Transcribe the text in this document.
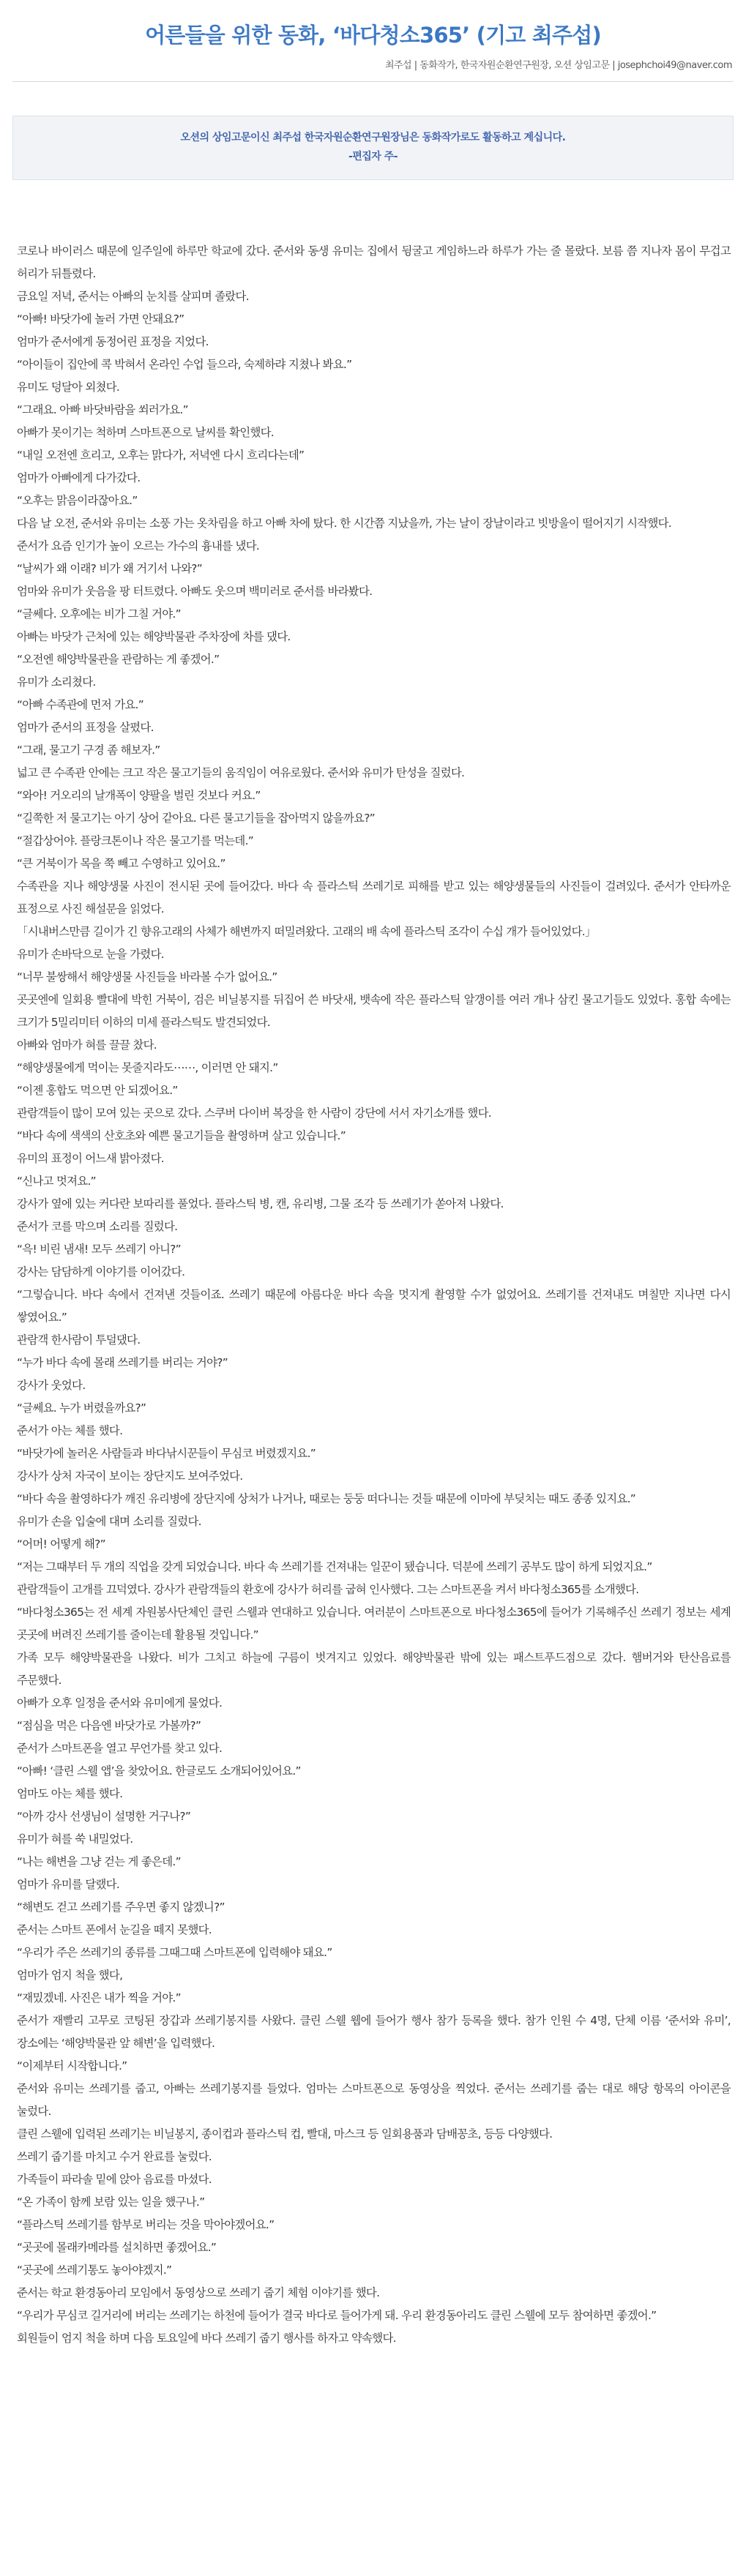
어른들을 위한 동화, ‘바다청소365’ (기고 최주섭)
최주섭 | 동화작가, 한국자원순환연구원장, 오션 상임고문 | josephchoi49@naver.com

오션의 상임고문이신 최주섭 한국자원순환연구원장님은 동화작가로도 활동하고 계십니다.

-편집자 주-

코로나 바이러스 때문에 일주일에 하루만 학교에 갔다. 준서와 동생 유미는 집에서 뒹굴고 게임하느라 하루가 가는 줄 몰랐다. 보름 쯤 지나자 몸이 무겁고 허리가 뒤틀렸다.

금요일 저녁, 준서는 아빠의 눈치를 살피며 졸랐다.

“아빠! 바닷가에 놀러 가면 안돼요?”

엄마가 준서에게 동정어린 표정을 지었다.

“아이들이 집안에 콕 박혀서 온라인 수업 들으라, 숙제하랴 지쳤나 봐요.”

유미도 덩달아 외쳤다.

“그래요. 아빠 바닷바람을 쐬러가요.”

아빠가 못이기는 척하며 스마트폰으로 날씨를 확인했다.

“내일 오전엔 흐리고, 오후는 맑다가, 저녁엔 다시 흐리다는데”

엄마가 아빠에게 다가갔다.

“오후는 맑음이라잖아요.”

다음 날 오전, 준서와 유미는 소풍 가는 옷차림을 하고 아빠 차에 탔다. 한 시간쯤 지났을까, 가는 날이 장날이라고 빗방울이 떨어지기 시작했다.

준서가 요즘 인기가 높이 오르는 가수의 흉내를 냈다.

“날씨가 왜 이래? 비가 왜 거기서 나와?”

엄마와 유미가 웃음을 팡 터트렸다. 아빠도 웃으며 백미러로 준서를 바라봤다.

“글쎄다. 오후에는 비가 그칠 거야.”

아빠는 바닷가 근처에 있는 해양박물관 주차장에 차를 댔다.

“오전엔 해양박물관을 관람하는 게 좋겠어.”

유미가 소리쳤다.

“아빠 수족관에 먼저 가요.”

엄마가 준서의 표정을 살폈다.

“그래, 물고기 구경 좀 해보자.”

넓고 큰 수족관 안에는 크고 작은 물고기들의 움직임이 여유로웠다. 준서와 유미가 탄성을 질렀다.

“와아! 거오리의 날개폭이 양팔을 벌린 것보다 커요.”

“길쭉한 저 물고기는 아기 상어 같아요. 다른 물고기들을 잡아먹지 않을까요?”

“절갑상어야. 플랑크톤이나 작은 물고기를 먹는데.”

“큰 거북이가 목을 쭉 빼고 수영하고 있어요.”

수족관을 지나 해양생물 사진이 전시된 곳에 들어갔다. 바다 속 플라스틱 쓰레기로 피해를 받고 있는 해양생물들의 사진들이 걸려있다. 준서가 안타까운 표정으로 사진 해설문을 읽었다.

「시내버스만큼 길이가 긴 향유고래의 사체가 해변까지 떠밀려왔다. 고래의 배 속에 플라스틱 조각이 수십 개가 들어있었다.」

유미가 손바닥으로 눈을 가렸다.

“너무 불쌍해서 해양생물 사진들을 바라볼 수가 없어요.”

곳곳엔에 일회용 빨대에 박힌 거북이, 검은 비닐봉지를 뒤집어 쓴 바닷새, 뱃속에 작은 플라스틱 알갱이를 여러 개나 삼킨 물고기들도 있었다. 홍합 속에는 크기가 5밀리미터 이하의 미세 플라스틱도 발견되었다.

아빠와 엄마가 혀를 끌끌 찼다.

“해양생물에게 먹이는 못줄지라도⋯⋯, 이러면 안 돼지.”

“이젠 홍합도 먹으면 안 되겠어요.”

관람객들이 많이 모여 있는 곳으로 갔다. 스쿠버 다이버 복장을 한 사람이 강단에 서서 자기소개를 했다.

“바다 속에 색색의 산호초와 예쁜 물고기들을 촬영하며 살고 있습니다.”

유미의 표정이 어느새 밝아졌다.

“신나고 멋져요.”

강사가 옆에 있는 커다란 보따리를 풀었다. 플라스틱 병, 캔, 유리병, 그물 조각 등 쓰레기가 쏟아져 나왔다.

준서가 코를 막으며 소리를 질렀다.

“윽! 비린 냄새! 모두 쓰레기 아니?”

강사는 담담하게 이야기를 이어갔다.

“그렇습니다. 바다 속에서 건져낸 것들이죠. 쓰레기 때문에 아름다운 바다 속을 멋지게 촬영할 수가 없었어요. 쓰레기를 건져내도 며칠만 지나면 다시 쌓였어요.”

관람객 한사람이 투덜댔다.

“누가 바다 속에 몰래 쓰레기를 버리는 거야?”

강사가 웃었다.

“글쎄요. 누가 버렸을까요?”

준서가 아는 체를 했다.

“바닷가에 놀러온 사람들과 바다낚시꾼들이 무심코 버렸겠지요.”

강사가 상처 자국이 보이는 장단지도 보여주었다.

“바다 속을 촬영하다가 깨진 유리병에 장단지에 상처가 나거나, 때로는 둥둥 떠다니는 것들 때문에 이마에 부딪치는 때도 종종 있지요.”

유미가 손을 입술에 대며 소리를 질렀다.

“어머! 어떻게 해?”

“저는 그때부터 두 개의 직업을 갖게 되었습니다. 바다 속 쓰레기를 건져내는 일꾼이 됐습니다. 덕분에 쓰레기 공부도 많이 하게 되었지요.”

관람객들이 고개를 끄덕였다. 강사가 관람객들의 환호에 강사가 허리를 굽혀 인사했다. 그는 스마트폰을 켜서 바다청소365를 소개했다.

“바다청소365는 전 세계 자원봉사단체인 클린 스웰과 연대하고 있습니다. 여러분이 스마트폰으로 바다청소365에 들어가 기록해주신 쓰레기 정보는 세계 곳곳에 버려진 쓰레기를 줄이는데 활용될 것입니다.”

가족 모두 해양박물관을 나왔다. 비가 그치고 하늘에 구름이 벗겨지고 있었다. 해양박물관 밖에 있는 패스트푸드점으로 갔다. 햄버거와 탄산음료를 주문했다.

아빠가 오후 일정을 준서와 유미에게 물었다.

“점심을 먹은 다음엔 바닷가로 가볼까?”

준서가 스마트폰을 열고 무언가를 찾고 있다.

“아빠! ‘클린 스웰 앱’을 찾았어요. 한글로도 소개되어있어요.”

엄마도 아는 체를 했다.

“아까 강사 선생님이 설명한 거구나?”

유미가 혀를 쑥 내밀었다.

“나는 해변을 그냥 걷는 게 좋은데.”

엄마가 유미를 달랬다.

“해변도 걷고 쓰레기를 주우면 좋지 않겠니?”

준서는 스마트 폰에서 눈길을 떼지 못했다.

“우리가 주은 쓰레기의 종류를 그때그때 스마트폰에 입력해야 돼요.”

엄마가 엄지 척을 했다,

“재밌겠네. 사진은 내가 찍을 거야.”

준서가 재빨리 고무로 코팅된 장갑과 쓰레기봉지를 사왔다. 클린 스웰 웹에 들어가 행사 참가 등록을 했다. 참가 인원 수 4명, 단체 이름 ‘준서와 유미’, 장소에는 ‘해양박물관 앞 해변’을 입력했다.

“이제부터 시작합니다.”

준서와 유미는 쓰레기를 줍고, 아빠는 쓰레기봉지를 들었다. 엄마는 스마트폰으로 동영상을 찍었다. 준서는 쓰레기를 줍는 대로 해당 항목의 아이콘을 눌렀다.

클린 스웰에 입력된 쓰레기는 비닐봉지, 종이컵과 플라스틱 컵, 빨대, 마스크 등 일회용품과 담배꽁초, 등등 다양했다.

쓰레기 줍기를 마치고 수거 완료를 눌렀다.

가족들이 파라솔 밑에 앉아 음료를 마셨다.

“온 가족이 함께 보람 있는 일을 했구나.”

“플라스틱 쓰레기를 함부로 버리는 것을 막아야겠어요.”

“곳곳에 몰래카메라를 설치하면 좋겠어요.”

“곳곳에 쓰레기통도 놓아야겠지.”

준서는 학교 환경동아리 모임에서 동영상으로 쓰레기 줍기 체험 이야기를 했다.

“우리가 무심코 길거리에 버리는 쓰레기는 하천에 들어가 결국 바다로 들어가게 돼. 우리 환경동아리도 클린 스웰에 모두 참여하면 좋겠어.”

회원들이 엄지 척을 하며 다음 토요일에 바다 쓰레기 줍기 행사를 하자고 약속했다.
